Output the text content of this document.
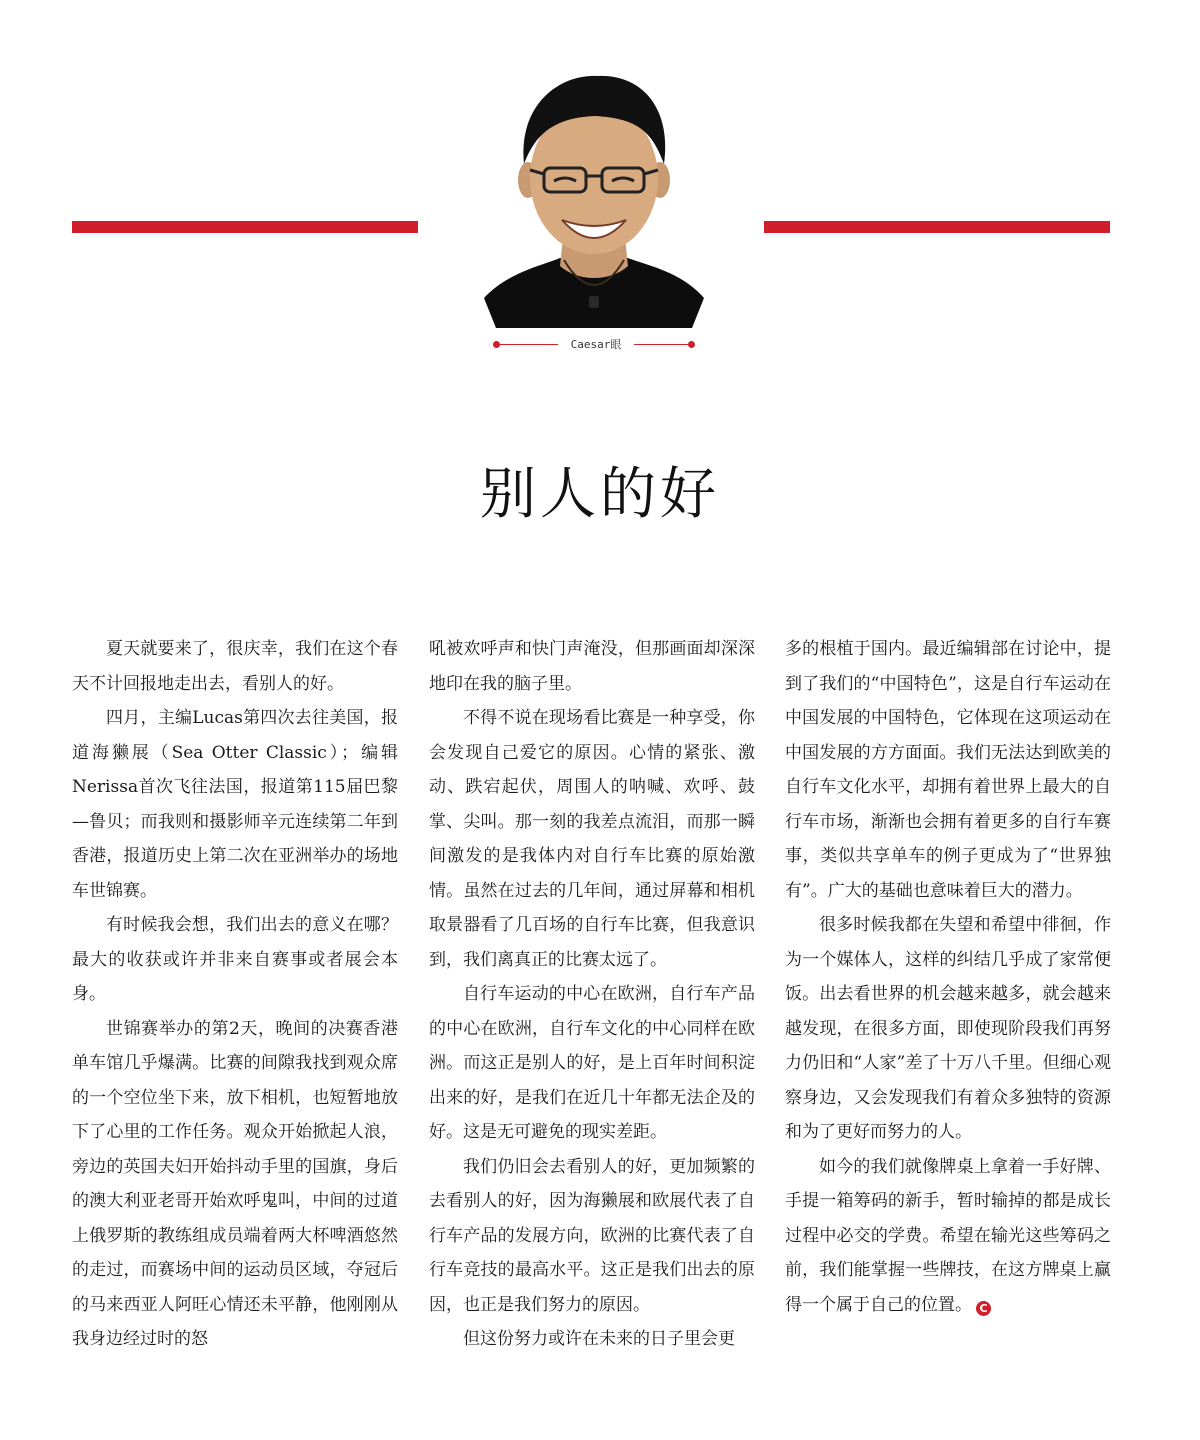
Caesar眼
别人的好

夏天就要来了，很庆幸，我们在这个春天不计回报地走出去，看别人的好。

四月，主编Lucas第四次去往美国，报道海獭展（Sea Otter Classic）；编辑Nerissa首次飞往法国，报道第115届巴黎—鲁贝；而我则和摄影师辛元连续第二年到香港，报道历史上第二次在亚洲举办的场地车世锦赛。

有时候我会想，我们出去的意义在哪？最大的收获或许并非来自赛事或者展会本身。

世锦赛举办的第2天，晚间的决赛香港单车馆几乎爆满。比赛的间隙我找到观众席的一个空位坐下来，放下相机，也短暂地放下了心里的工作任务。观众开始掀起人浪，旁边的英国夫妇开始抖动手里的国旗，身后的澳大利亚老哥开始欢呼鬼叫，中间的过道上俄罗斯的教练组成员端着两大杯啤酒悠然的走过，而赛场中间的运动员区域，夺冠后的马来西亚人阿旺心情还未平静，他刚刚从我身边经过时的怒

吼被欢呼声和快门声淹没，但那画面却深深地印在我的脑子里。

不得不说在现场看比赛是一种享受，你会发现自己爱它的原因。心情的紧张、激动、跌宕起伏，周围人的呐喊、欢呼、鼓掌、尖叫。那一刻的我差点流泪，而那一瞬间激发的是我体内对自行车比赛的原始激情。虽然在过去的几年间，通过屏幕和相机取景器看了几百场的自行车比赛，但我意识到，我们离真正的比赛太远了。

自行车运动的中心在欧洲，自行车产品的中心在欧洲，自行车文化的中心同样在欧洲。而这正是别人的好，是上百年时间积淀出来的好，是我们在近几十年都无法企及的好。这是无可避免的现实差距。

我们仍旧会去看别人的好，更加频繁的去看别人的好，因为海獭展和欧展代表了自行车产品的发展方向，欧洲的比赛代表了自行车竞技的最高水平。这正是我们出去的原因，也正是我们努力的原因。

但这份努力或许在未来的日子里会更

多的根植于国内。最近编辑部在讨论中，提到了我们的“中国特色”，这是自行车运动在中国发展的中国特色，它体现在这项运动在中国发展的方方面面。我们无法达到欧美的自行车文化水平，却拥有着世界上最大的自行车市场，渐渐也会拥有着更多的自行车赛事，类似共享单车的例子更成为了“世界独有”。广大的基础也意味着巨大的潜力。

很多时候我都在失望和希望中徘徊，作为一个媒体人，这样的纠结几乎成了家常便饭。出去看世界的机会越来越多，就会越来越发现，在很多方面，即使现阶段我们再努力仍旧和“人家”差了十万八千里。但细心观察身边，又会发现我们有着众多独特的资源和为了更好而努力的人。

如今的我们就像牌桌上拿着一手好牌、手提一箱筹码的新手，暂时输掉的都是成长过程中必交的学费。希望在输光这些筹码之前，我们能掌握一些牌技，在这方牌桌上赢得一个属于自己的位置。 C
